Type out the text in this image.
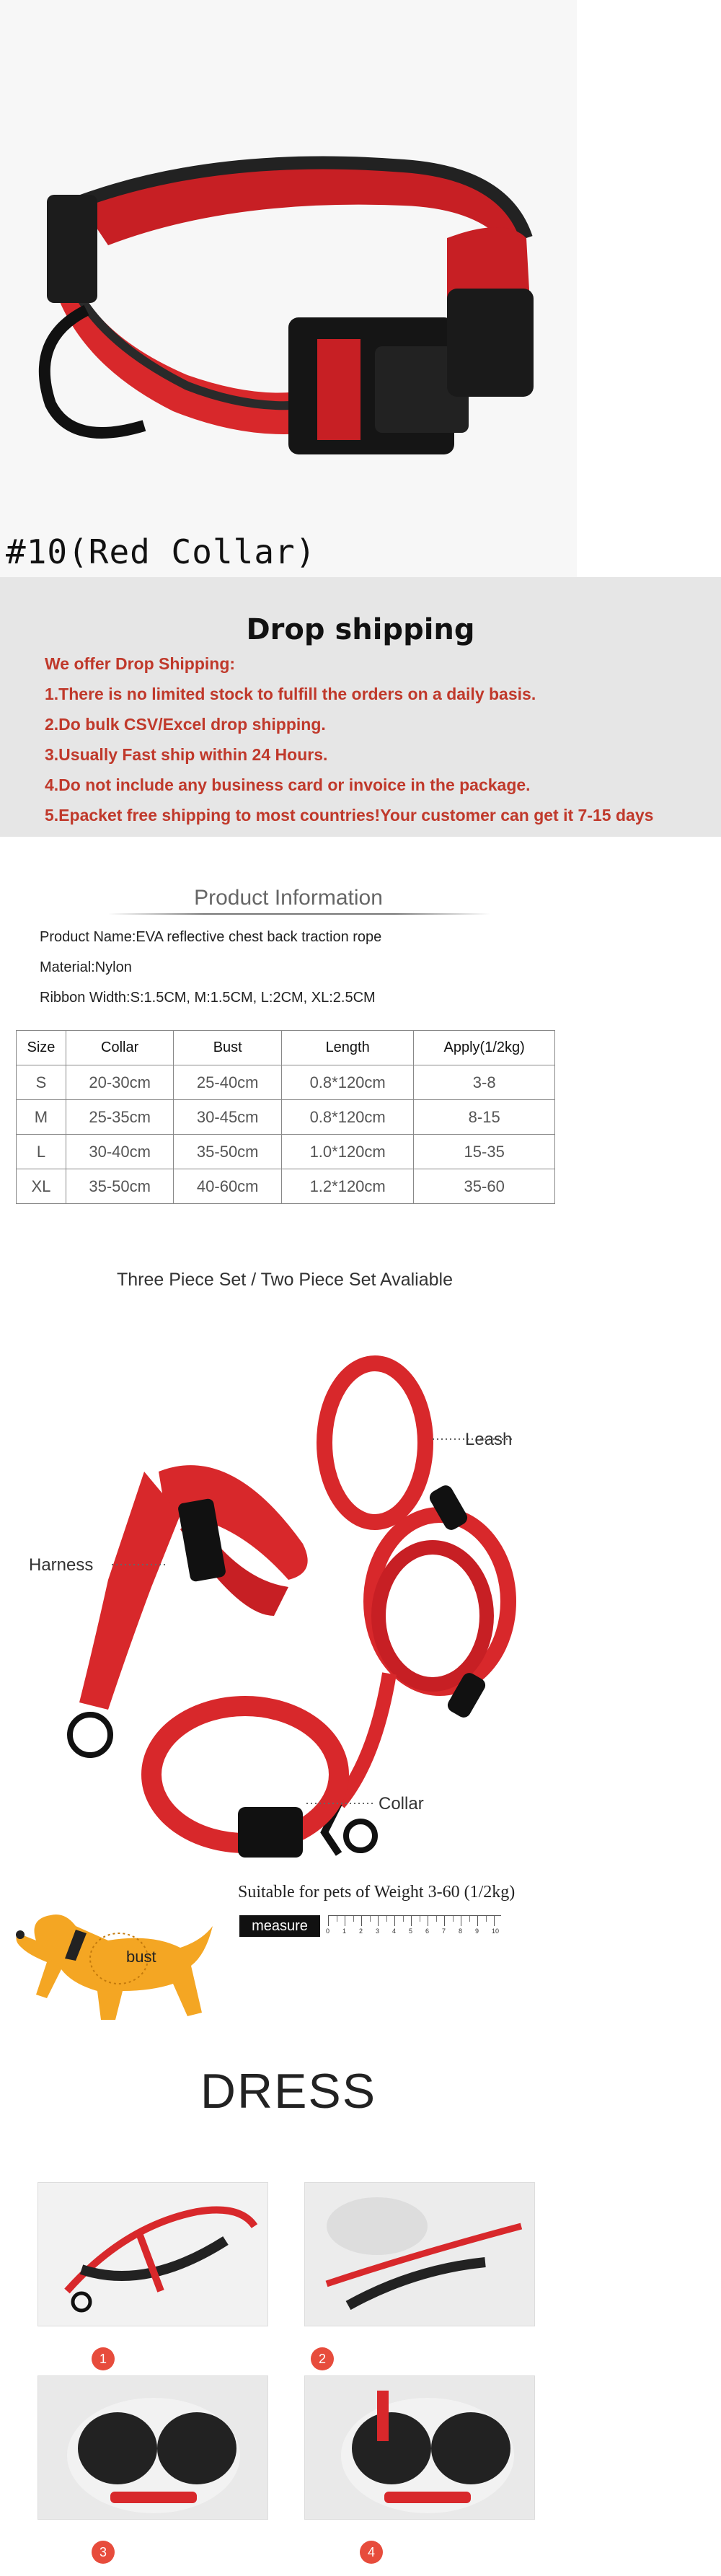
#10(Red Collar)
Drop shipping
We offer Drop Shipping:
1.There is no limited stock to fulfill the orders on a daily basis.
2.Do bulk CSV/Excel drop shipping.
3.Usually Fast ship within 24 Hours.
4.Do not include any business card or invoice in the package.
5.Epacket free shipping to most countries!Your customer can get it 7-15 days
Product Information
Product Name:EVA reflective chest back traction rope
Material:Nylon
Ribbon Width:S:1.5CM, M:1.5CM, L:2CM, XL:2.5CM
Size	Collar	Bust	Length	Apply(1/2kg)
S	20-30cm	25-40cm	0.8*120cm	3-8
M	25-35cm	30-45cm	0.8*120cm	8-15
L	30-40cm	35-50cm	1.0*120cm	15-35
XL	35-50cm	40-60cm	1.2*120cm	35-60
Three Piece Set / Two Piece Set Avaliable
Leash
Harness
Collar
Suitable for pets of Weight 3-60 (1/2kg)
measure	0 1 2 3 4 5 6 7 8 9 10
bust
DRESS
1	2
3	4
